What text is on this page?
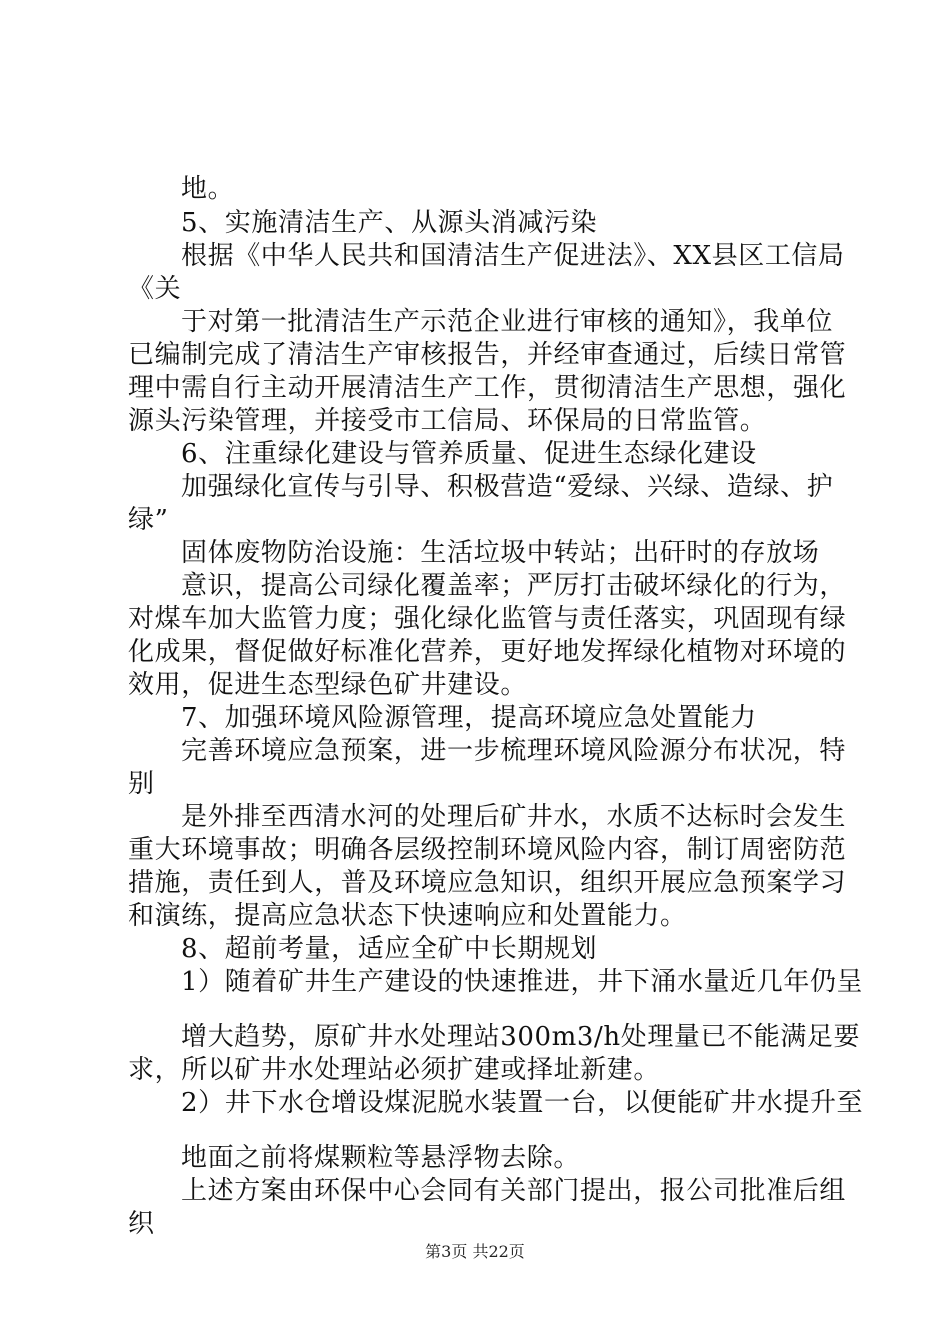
地。
5、实施清洁生产、从源头消减污染
根据《中华人民共和国清洁生产促进法》、XX县区工信局
《关
于对第一批清洁生产示范企业进行审核的通知》，我单位
已编制完成了清洁生产审核报告，并经审查通过，后续日常管
理中需自行主动开展清洁生产工作，贯彻清洁生产思想，强化
源头污染管理，并接受市工信局、环保局的日常监管。
6、注重绿化建设与管养质量、促进生态绿化建设
加强绿化宣传与引导、积极营造“爱绿、兴绿、造绿、护
绿”
固体废物防治设施：生活垃圾中转站；出矸时的存放场
意识，提高公司绿化覆盖率；严厉打击破坏绿化的行为，
对煤车加大监管力度；强化绿化监管与责任落实，巩固现有绿
化成果，督促做好标准化营养，更好地发挥绿化植物对环境的
效用，促进生态型绿色矿井建设。
7、加强环境风险源管理，提高环境应急处置能力
完善环境应急预案，进一步梳理环境风险源分布状况，特
别
是外排至西清水河的处理后矿井水，水质不达标时会发生
重大环境事故；明确各层级控制环境风险内容，制订周密防范
措施，责任到人，普及环境应急知识，组织开展应急预案学习
和演练，提高应急状态下快速响应和处置能力。
8、超前考量，适应全矿中长期规划
1）随着矿井生产建设的快速推进，井下涌水量近几年仍呈
增大趋势，原矿井水处理站300m3/h处理量已不能满足要
求，所以矿井水处理站必须扩建或择址新建。
2）井下水仓增设煤泥脱水装置一台，以便能矿井水提升至
地面之前将煤颗粒等悬浮物去除。
上述方案由环保中心会同有关部门提出，报公司批准后组
织
第3页 共22页
